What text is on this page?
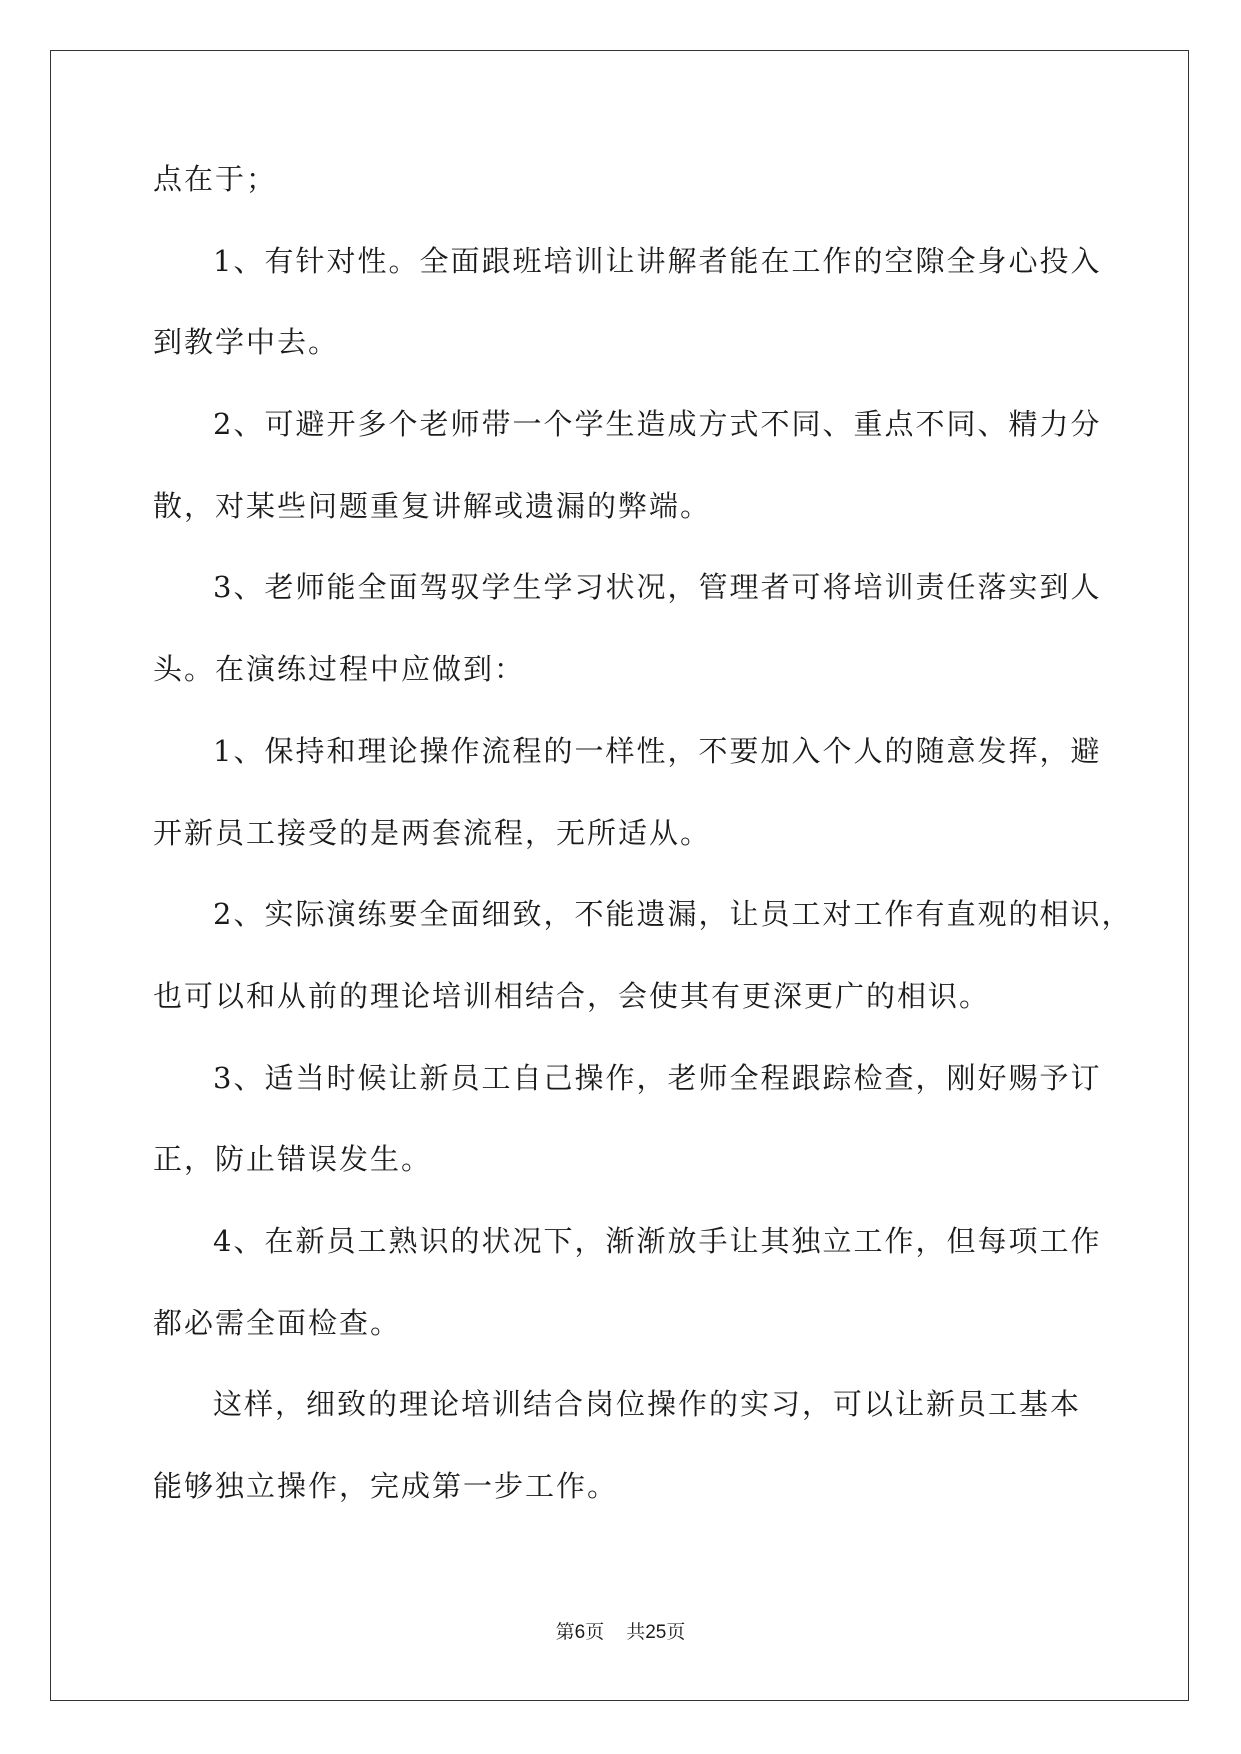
点在于；
1、有针对性。全面跟班培训让讲解者能在工作的空隙全身心投入
到教学中去。
2、可避开多个老师带一个学生造成方式不同、重点不同、精力分
散，对某些问题重复讲解或遗漏的弊端。
3、老师能全面驾驭学生学习状况，管理者可将培训责任落实到人
头。在演练过程中应做到：
1、保持和理论操作流程的一样性，不要加入个人的随意发挥，避
开新员工接受的是两套流程，无所适从。
2、实际演练要全面细致，不能遗漏，让员工对工作有直观的相识，
也可以和从前的理论培训相结合，会使其有更深更广的相识。
3、适当时候让新员工自己操作，老师全程跟踪检查，刚好赐予订
正，防止错误发生。
4、在新员工熟识的状况下，渐渐放手让其独立工作，但每项工作
都必需全面检查。
这样，细致的理论培训结合岗位操作的实习，可以让新员工基本
能够独立操作，完成第一步工作。
第6页 共25页
